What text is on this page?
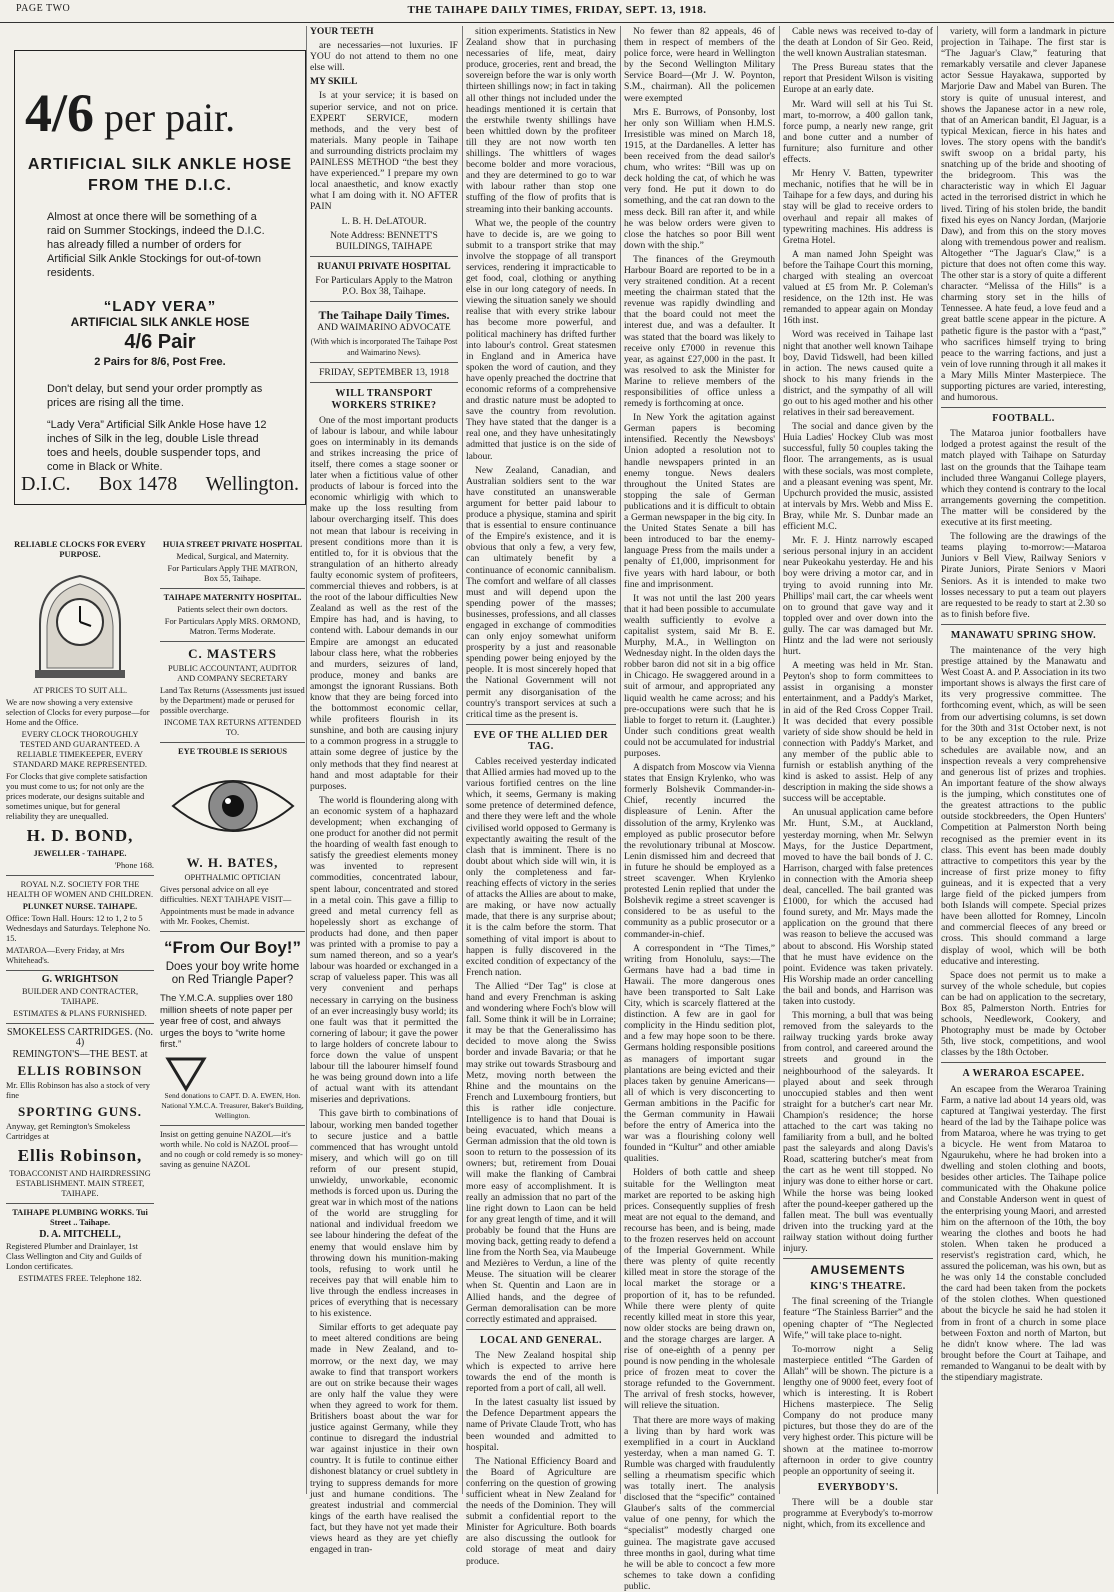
PAGE TWO	THE TAIHAPE DAILY TIMES, FRIDAY, SEPT. 13, 1918.
4/6 per pair.
ARTIFICIAL SILK ANKLE HOSE FROM THE D.I.C.
Almost at once there will be something of a raid on Summer Stockings, indeed the D.I.C. has already filled a number of orders for Artificial Silk Ankle Stockings for out-of-town residents.
“LADY VERA”
ARTIFICIAL SILK ANKLE HOSE
4/6 Pair
2 Pairs for 8/6, Post Free.
Don't delay, but send your order promptly as prices are rising all the time.
“Lady Vera” Artificial Silk Ankle Hose have 12 inches of Silk in the leg, double Lisle thread toes and heels, double suspender tops, and come in Black or White.
D.I.C. Box 1478 Wellington.

RELIABLE CLOCKS FOR EVERY PURPOSE.

AT PRICES TO SUIT ALL.

We are now showing a very extensive selection of Clocks for every purpose—for Home and the Office.

EVERY CLOCK THOROUGHLY TESTED AND GUARANTEED. A RELIABLE TIMEKEEPER, EVERY STANDARD MAKE REPRESENTED.

For Clocks that give complete satisfaction you must come to us; for not only are the prices moderate, our designs suitable and sometimes unique, but for general reliability they are unequalled.

H. D. BOND,

JEWELLER - TAIHAPE.

'Phone 168.

ROYAL N.Z. SOCIETY FOR THE HEALTH OF WOMEN AND CHILDREN.

PLUNKET NURSE. TAIHAPE.

Office: Town Hall. Hours: 12 to 1, 2 to 5 Wednesdays and Saturdays. Telephone No. 15.

MATAROA—Every Friday, at Mrs Whitehead's.

G. WRIGHTSON

BUILDER AND CONTRACTER, TAIHAPE.

ESTIMATES & PLANS FURNISHED.

SMOKELESS CARTRIDGES. (No. 4)

REMINGTON'S—THE BEST. at

ELLIS ROBINSON

Mr. Ellis Robinson has also a stock of very fine

SPORTING GUNS.

Anyway, get Remington's Smokeless Cartridges at

Ellis Robinson,

TOBACCONIST AND HAIRDRESSING ESTABLISHMENT. MAIN STREET, TAIHAPE.

TAIHAPE PLUMBING WORKS. Tui Street .. Taihape.

D. A. MITCHELL,

Registered Plumber and Drainlayer, 1st Class Wellington and City and Guilds of London certificates.

ESTIMATES FREE. Telephone 182.

HUIA STREET PRIVATE HOSPITAL

Medical, Surgical, and Maternity.

For Particulars Apply THE MATRON, Box 55, Taihape.

TAIHAPE MATERNITY HOSPITAL.

Patients select their own doctors.

For Particulars Apply MRS. ORMOND, Matron. Terms Moderate.

C. MASTERS

PUBLIC ACCOUNTANT, AUDITOR AND COMPANY SECRETARY

Land Tax Returns (Assessments just issued by the Department) made or perused for possible overcharge.

INCOME TAX RETURNS ATTENDED TO.

EYE TROUBLE IS SERIOUS

W. H. BATES,

OPHTHALMIC OPTICIAN

Gives personal advice on all eye difficulties. NEXT TAIHAPE VISIT—

Appointments must be made in advance with Mr. Fookes, Chemist.

“From Our Boy!”
Does your boy write home on Red Triangle Paper?
The Y.M.C.A. supplies over 180 million sheets of note paper per year free of cost, and always urges the boys to “write home first.”

Send donations to CAPT. D. A. EWEN, Hon. National Y.M.C.A. Treasurer, Baker's Building, Wellington.

Insist on getting genuine NAZOL—it's worth while. No cold is NAZOL proof—and no cough or cold remedy is so money-saving as genuine NAZOL

YOUR TEETH

are necessaries—not luxuries. IF YOU do not attend to them no one else will.

MY SKILL

Is at your service; it is based on superior service, and not on price. EXPERT SERVICE, modern methods, and the very best of materials. Many people in Taihape and surrounding districts proclaim my PAINLESS METHOD “the best they have experienced.” I prepare my own local anaesthetic, and know exactly what I am doing with it. NO AFTER PAIN

L. B. H. DeLATOUR.

Note Address: BENNETT'S BUILDINGS, TAIHAPE

RUANUI PRIVATE HOSPITAL

For Particulars Apply to the Matron P.O. Box 38, Taihape.

The Taihape Daily Times.

AND WAIMARINO ADVOCATE

(With which is incorporated The Taihape Post and Waimarino News).

FRIDAY, SEPTEMBER 13, 1918

WILL TRANSPORT WORKERS STRIKE?

One of the most important products of labour is labour, and while labour goes on interminably in its demands and strikes increasing the price of itself, there comes a stage sooner or later when a fictitious value of other products of labour is forced into the economic whirligig with which to make up the loss resulting from labour overcharging itself. This does not mean that labour is receiving in present conditions more than it is entitled to, for it is obvious that the strangulation of an hitherto already faulty economic system of profiteers, commercial thieves and robbers, is at the root of the labour difficulties New Zealand as well as the rest of the Empire has had, and is having, to contend with. Labour demands in our Empire are amongst an educated labour class here, what the robberies and murders, seizures of land, produce, money and banks are amongst the ignorant Russians. Both know that they are being forced into the bottommost economic cellar, while profiteers flourish in its sunshine, and both are causing injury to a common progress in a struggle to attain some degree of justice by the only methods that they find nearest at hand and most adaptable for their purposes.

The world is floundering along with an economic system of a haphazard development; when exchanging of one product for another did not permit the hoarding of wealth fast enough to satisfy the greediest elements money was invented to represent commodities, concentrated labour, spent labour, concentrated and stored in a metal coin. This gave a fillip to greed and metal currency fell as hopelessly short as exchange of products had done, and then paper was printed with a promise to pay a sum named thereon, and so a year's labour was hoarded or exchanged in a scrap of valueless paper. This was all very convenient and perhaps necessary in carrying on the business of an ever increasingly busy world; its one fault was that it permitted the cornering of labour; it gave the power to large holders of concrete labour to force down the value of unspent labour till the labourer himself found he was being ground down into a life of actual want with its attendant miseries and deprivations.

This gave birth to combinations of labour, working men banded together to secure justice and a battle commenced that has wrought untold misery, and which will go on till reform of our present stupid, unwieldy, unworkable, economic methods is forced upon us. During the great war in which most of the nations of the world are struggling for national and individual freedom we see labour hindering the defeat of the enemy that would enslave him by throwing down his munition-making tools, refusing to work until he receives pay that will enable him to live through the endless increases in prices of everything that is necessary to his existence.

Similar efforts to get adequate pay to meet altered conditions are being made in New Zealand, and to-morrow, or the next day, we may awake to find that transport workers are out on strike because their wages are only half the value they were when they agreed to work for them. Britishers boast about the war for justice against Germany, while they continue to disregard the industrial war against injustice in their own country. It is futile to continue either dishonest blatancy or cruel subtlety in trying to suppress demands for more just and humane conditions. The greatest industrial and commercial kings of the earth have realised the fact, but they have not yet made their views heard as they are yet chiefly engaged in tran-

sition experiments. Statistics in New Zealand show that in purchasing necessaries of life, meat, dairy produce, groceries, rent and bread, the sovereign before the war is only worth thirteen shillings now; in fact in taking all other things not included under the headings mentioned it is certain that the erstwhile twenty shillings have been whittled down by the profiteer till they are not now worth ten shillings. The whittlers of wages become bolder and more voracious, and they are determined to go to war with labour rather than stop one stuffing of the flow of profits that is streaming into their banking accounts.

What we, the people of the country have to decide is, are we going to submit to a transport strike that may involve the stoppage of all transport services, rendering it impracticable to get food, coal, clothing or anything else in our long category of needs. In viewing the situation sanely we should realise that with every strike labour has become more powerful, and political machinery has drifted further into labour's control. Great statesmen in England and in America have spoken the word of caution, and they have openly preached the doctrine that economic reforms of a comprehensive and drastic nature must be adopted to save the country from revolution. They have stated that the danger is a real one, and they have unhesitatingly admitted that justice is on the side of labour.

New Zealand, Canadian, and Australian soldiers sent to the war have constituted an unanswerable argument for better paid labour to produce a physique, stamina and spirit that is essential to ensure continuance of the Empire's existence, and it is obvious that only a few, a very few, can ultimately benefit by a continuance of economic cannibalism. The comfort and welfare of all classes must and will depend upon the spending power of the masses; businesses, professions, and all classes engaged in exchange of commodities can only enjoy somewhat uniform prosperity by a just and reasonable spending power being enjoyed by the people. It is most sincerely hoped that the National Government will not permit any disorganisation of the country's transport services at such a critical time as the present is.

EVE OF THE ALLIED DER TAG.

Cables received yesterday indicated that Allied armies had moved up to the various fortified centres on the line which, it seems, Germany is making some pretence of determined defence, and there they were left and the whole civilised world opposed to Germany is expectantly awaiting the result of the clash that is imminent. There is no doubt about which side will win, it is only the completeness and far-reaching effects of victory in the series of attacks the Allies are about to make, are making, or have now actually made, that there is any surprise about; it is the calm before the storm. That something of vital import is about to happen is fully discovered in the excited condition of expectancy of the French nation.

The Allied “Der Tag” is close at hand and every Frenchman is asking and wondering where Foch's blow will fall. Some think it will be in Lorraine; it may be that the Generalissimo has decided to move along the Swiss border and invade Bavaria; or that he may strike out towards Strasbourg and Metz, moving north between the Rhine and the mountains on the French and Luxembourg frontiers, but this is rather idle conjecture. Intelligence is to hand that Douai is being evacuated, which means a German admission that the old town is soon to return to the possession of its owners; but, retirement from Douai will make the flanking of Cambrai more easy of accomplishment. It is really an admission that no part of the line right down to Laon can be held for any great length of time, and it will probably be found that the Huns are moving back, getting ready to defend a line from the North Sea, via Maubeuge and Mezières to Verdun, a line of the Meuse. The situation will be clearer when St. Quentin and Laon are in Allied hands, and the degree of German demoralisation can be more correctly estimated and appraised.

LOCAL AND GENERAL.

The New Zealand hospital ship which is expected to arrive here towards the end of the month is reported from a port of call, all well.

In the latest casualty list issued by the Defence Department appears the name of Private Claude Trott, who has been wounded and admitted to hospital.

The National Efficiency Board and the Board of Agriculture are conferring on the question of growing sufficient wheat in New Zealand for the needs of the Dominion. They will submit a confidential report to the Minister for Agriculture. Both boards are also discussing the outlook for cold storage of meat and dairy produce.

No fewer than 82 appeals, 46 of them in respect of members of the police force, were heard in Wellington by the Second Wellington Military Service Board—(Mr J. W. Poynton, S.M., chairman). All the policemen were exempted

Mrs E. Burrows, of Ponsonby, lost her only son William when H.M.S. Irresistible was mined on March 18, 1915, at the Dardanelles. A letter has been received from the dead sailor's chum, who writes: “Bill was up on deck holding the cat, of which he was very fond. He put it down to do something, and the cat ran down to the mess deck. Bill ran after it, and while he was below orders were given to close the hatches so poor Bill went down with the ship.”

The finances of the Greymouth Harbour Board are reported to be in a very straitened condition. At a recent meeting the chairman stated that the revenue was rapidly dwindling and that the board could not meet the interest due, and was a defaulter. It was stated that the board was likely to receive only £7000 in revenue this year, as against £27,000 in the past. It was resolved to ask the Minister for Marine to relieve members of the responsibilities of office unless a remedy is forthcoming at once.

In New York the agitation against German papers is becoming intensified. Recently the Newsboys' Union adopted a resolution not to handle newspapers printed in an enemy tongue. News dealers throughout the United States are stopping the sale of German publications and it is difficult to obtain a German newspaper in the big city. In the United States Senate a bill has been introduced to bar the enemy-language Press from the mails under a penalty of £1,000, imprisonment for five years with hard labour, or both fine and imprisonment.

It was not until the last 200 years that it had been possible to accumulate wealth sufficiently to evolve a capitalist system, said Mr B. E. Murphy, M.A., in Wellington on Wednesday night. In the olden days the robber baron did not sit in a big office in Chicago. He swaggered around in a suit of armour, and appropriated any liquid wealth he came across; and his pre-occupations were such that he is liable to forget to return it. (Laughter.) Under such conditions great wealth could not be accumulated for industrial purposes.

A dispatch from Moscow via Vienna states that Ensign Krylenko, who was formerly Bolshevik Commander-in-Chief, recently incurred the displeasure of Lenin. After the dissolution of the army, Krylenko was employed as public prosecutor before the revolutionary tribunal at Moscow. Lenin dismissed him and decreed that in future he should be employed as a street scavenger. When Krylenko protested Lenin replied that under the Bolshevik regime a street scavenger is considered to be as useful to the community as a public prosecutor or a commander-in-chief.

A correspondent in “The Times,” writing from Honolulu, says:—The Germans have had a bad time in Hawaii. The more dangerous ones have been transported to Salt Lake City, which is scarcely flattered at the distinction. A few are in gaol for complicity in the Hindu sedition plot, and a few may hope soon to be there. Germans holding responsible positions as managers of important sugar plantations are being evicted and their places taken by genuine Americans—all of which is very disconcerting to German ambitions in the Pacific for the German community in Hawaii before the entry of America into the war was a flourishing colony well founded in “Kultur” and other amiable qualities.

Holders of both cattle and sheep suitable for the Wellington meat market are reported to be asking high prices. Consequently supplies of fresh meat are not equal to the demand, and recourse has been, and is being, made to the frozen reserves held on account of the Imperial Government. While there was plenty of quite recently killed meat in store the storage of the local market the storage or a proportion of it, has to be refunded. While there were plenty of quite recently killed meat in store this year, now older stocks are being drawn on, and the storage charges are larger. A rise of one-eighth of a penny per pound is now pending in the wholesale price of frozen meat to cover the storage refunded to the Government. The arrival of fresh stocks, however, will relieve the situation.

That there are more ways of making a living than by hard work was exemplified in a court in Auckland yesterday, when a man named G. T. Rumble was charged with fraudulently selling a rheumatism specific which was totally inert. The analysis disclosed that the “specific” contained Glauber's salts of the commercial value of one penny, for which the “specialist” modestly charged one guinea. The magistrate gave accused three months in gaol, during what time he will be able to concoct a few more schemes to take down a confiding public.

Cable news was received to-day of the death at London of Sir Geo. Reid, the well known Australian statesman.

The Press Bureau states that the report that President Wilson is visiting Europe at an early date.

Mr. Ward will sell at his Tui St. mart, to-morrow, a 400 gallon tank, force pump, a nearly new range, grit and bone cutter and a number of furniture; also furniture and other effects.

Mr Henry V. Batten, typewriter mechanic, notifies that he will be in Taihape for a few days, and during his stay will be glad to receive orders to overhaul and repair all makes of typewriting machines. His address is Gretna Hotel.

A man named John Speight was before the Taihape Court this morning, charged with stealing an overcoat valued at £5 from Mr. P. Coleman's residence, on the 12th inst. He was remanded to appear again on Monday 16th inst.

Word was received in Taihape last night that another well known Taihape boy, David Tidswell, had been killed in action. The news caused quite a shock to his many friends in the district, and the sympathy of all will go out to his aged mother and his other relatives in their sad bereavement.

The social and dance given by the Huia Ladies' Hockey Club was most successful, fully 50 couples taking the floor. The arrangements, as is usual with these socials, was most complete, and a pleasant evening was spent, Mr. Upchurch provided the music, assisted at intervals by Mrs. Webb and Miss E. Bray, while Mr. S. Dunbar made an efficient M.C.

Mr. F. J. Hintz narrowly escaped serious personal injury in an accident near Pukeokahu yesterday. He and his boy were driving a motor car, and in trying to avoid running into Mr. Phillips' mail cart, the car wheels went on to ground that gave way and it toppled over and over down into the gully. The car was damaged but Mr. Hintz and the lad were not seriously hurt.

A meeting was held in Mr. Stan. Peyton's shop to form committees to assist in organising a monster entertainment, and a Paddy's Market, in aid of the Red Cross Copper Trail. It was decided that every possible variety of side show should be held in connection with Paddy's Market, and any member of the public able to furnish or establish anything of the kind is asked to assist. Help of any description in making the side shows a success will be acceptable.

An unusual application came before Mr. Hunt, S.M., at Auckland, yesterday morning, when Mr. Selwyn Mays, for the Justice Department, moved to have the bail bonds of J. C. Harrison, charged with false pretences in connection with the Amoria sheep deal, cancelled. The bail granted was £1000, for which the accused had found surety, and Mr. Mays made the application on the ground that there was reason to believe the accused was about to abscond. His Worship stated that he must have evidence on the point. Evidence was taken privately. His Worship made an order cancelling the bail and bonds, and Harrison was taken into custody.

This morning, a bull that was being removed from the saleyards to the railway trucking yards broke away from control, and careered around the streets and ground in the neighbourhood of the saleyards. It played about and seek through unoccupied stables and then went straight for a butcher's cart near Mr. Champion's residence; the horse attached to the cart was taking no familiarity from a bull, and he bolted past the saleyards and along Davis's Road, scattering butcher's meat from the cart as he went till stopped. No injury was done to either horse or cart. While the horse was being looked after the pound-keeper gathered up the fallen meat. The bull was eventually driven into the trucking yard at the railway station without doing further injury.

AMUSEMENTS
KING'S THEATRE.

The final screening of the Triangle feature “The Stainless Barrier” and the opening chapter of “The Neglected Wife,” will take place to-night.

To-morrow night a Selig masterpiece entitled “The Garden of Allah” will be shown. The picture is a lengthy one of 9000 feet, every foot of which is interesting. It is Robert Hichens masterpiece. The Selig Company do not produce many pictures, but those they do are of the very highest order. This picture will be shown at the matinee to-morrow afternoon in order to give country people an opportunity of seeing it.

EVERYBODY'S.

There will be a double star programme at Everybody's to-morrow night, which, from its excellence and

variety, will form a landmark in picture projection in Taihape. The first star is “The Jaguar's Claw,” featuring that remarkably versatile and clever Japanese actor Sessue Hayakawa, supported by Marjorie Daw and Mabel van Buren. The story is quite of unusual interest, and shows the Japanese actor in a new role, that of an American bandit, El Jaguar, is a typical Mexican, fierce in his hates and loves. The story opens with the bandit's swift swoop on a bridal party, his snatching up of the bride and shooting of the bridegroom. This was the characteristic way in which El Jaguar acted in the terrorised district in which he lived. Tiring of his stolen bride, the bandit fixed his eyes on Nancy Jordan, (Marjorie Daw), and from this on the story moves along with tremendous power and realism. Altogether “The Jaguar's Claw,” is a picture that does not often come this way. The other star is a story of quite a different character. “Melissa of the Hills” is a charming story set in the hills of Tennessee. A hate feud, a love feud and a great battle scene appear in the picture. A pathetic figure is the pastor with a “past,” who sacrifices himself trying to bring peace to the warring factions, and just a vein of love running through it all makes it a Mary Mills Minter Masterpiece. The supporting pictures are varied, interesting, and humorous.

FOOTBALL.

The Mataroa junior footballers have lodged a protest against the result of the match played with Taihape on Saturday last on the grounds that the Taihape team included three Wanganui College players, which they contend is contrary to the local arrangements governing the competition. The matter will be considered by the executive at its first meeting.

The following are the drawings of the teams playing to-morrow:—Mataroa Juniors v Bell View, Railway Seniors v Pirate Juniors, Pirate Seniors v Maori Seniors. As it is intended to make two losses necessary to put a team out players are requested to be ready to start at 2.30 so as to finish before five.

MANAWATU SPRING SHOW.

The maintenance of the very high prestige attained by the Manawatu and West Coast A. and P. Association in its two important shows is always the first care of its very progressive committee. The forthcoming event, which, as will be seen from our advertising columns, is set down for the 30th and 31st October next, is not to be any exception to the rule. Prize schedules are available now, and an inspection reveals a very comprehensive and generous list of prizes and trophies. An important feature of the show always is the jumping, which constitutes one of the greatest attractions to the public outside stockbreeders, the Open Hunters' Competition at Palmerston North being recognised as the premier event in its class. This event has been made doubly attractive to competitors this year by the increase of first prize money to fifty guineas, and it is expected that a very large field of the picked jumpers from both Islands will compete. Special prizes have been allotted for Romney, Lincoln and commercial fleeces of any breed or cross. This should command a large display of wool, which will be both educative and interesting.

Space does not permit us to make a survey of the whole schedule, but copies can be had on application to the secretary, Box 85, Palmerston North. Entries for schools, Needlework, Cookery, and Photography must be made by October 5th, live stock, competitions, and wool classes by the 18th October.

A WERAROA ESCAPEE.

An escapee from the Weraroa Training Farm, a native lad about 14 years old, was captured at Tangiwai yesterday. The first heard of the lad by the Taihape police was from Mataroa, where he was trying to get a bicycle. He went from Mataroa to Ngaurukehu, where he had broken into a dwelling and stolen clothing and boots, besides other articles. The Taihape police communicated with the Ohakune police and Constable Anderson went in quest of the enterprising young Maori, and arrested him on the afternoon of the 10th, the boy wearing the clothes and boots he had stolen. When taken he produced a reservist's registration card, which, he assured the policeman, was his own, but as he was only 14 the constable concluded the card had been taken from the pockets of the stolen clothes. When questioned about the bicycle he said he had stolen it from in front of a church in some place between Foxton and north of Marton, but he didn't know where. The lad was brought before the Court at Taihape, and remanded to Wanganui to be dealt with by the stipendiary magistrate.
